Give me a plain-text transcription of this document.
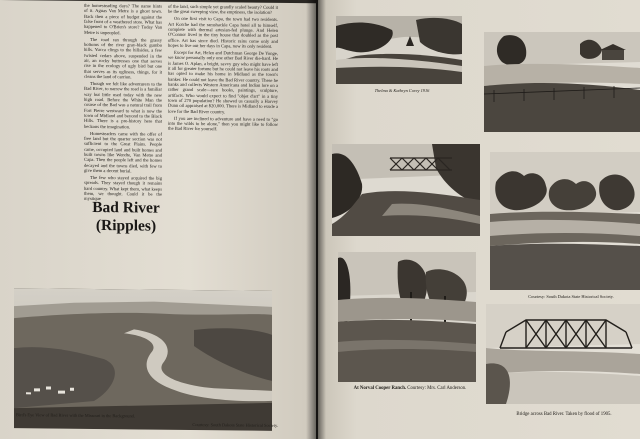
the homesteading days? The name hints of it. Aguas Van Metre is a ghost town. Back then a piece of budget against the false front of a weathered store. What has happened to O'Brien's store? Today Van Metre is unpeopled.

The road ran through the grassy bottoms of the river gray-black gumbo hills. Yucca clings to the hillsides, a few twisted cedars above, suspended in the air, an rocky buttresses one that serves rise in the ecology of ugly bird but one that serves as its ugliness, things, for it cleans the land of carrion.

Though we felt like adventurers to the Bad River, to narrow the road is a familiar way but little used today with the new high road. Before the White Man the course of the Bad was a natural trail from Fort Pierre westward to what is now the town of Midland and beyond to the Black Hills. There is a pre-history here that beckons the imagination.

Homesteaders came with the offer of free land but the quarter section was not sufficient to the Great Plains. People came, occupied land and built homes and built towns like Wendte, Van Metre and Capa. Then the people left and the homes decayed and the towns died, with few to give them a decent burial.

The few who stayed acquired the big spreads. They stayed though it remains hard country. What kept them, what keeps them, we thought. Could it be the mystique

of the land, such simple yet grandly scaled beauty? Could it be the great sweeping view, the emptiness, the isolation?

On one first visit to Capa, the town had two residents. Art Kotche had the ramshackle Capa hotel all to himself, complete with thermal artesian-fed plunge. And Helen O'Connor lived in the tiny house that doubled as the post office. Art has since died. Historic rains come only and hopes to live out her days in Capa, now its only resident.

Except for Art, Helen and Dutchman George De Yonge, we know personally only one other Bad River die-hard. He is James O. Aplan, a bright, savvy guy who might have left it all for greater fortune but he could not leave his roots and has opted to make his home in Midland as the town's banker. He could not leave the Bad River country. These he banks and collects Western Americana and Indian lore on a rather grand scale—rare books, paintings, sculpture, artifacts. Who would expect to find "objet d'art" in a tiny town of 270 population? He showed us casually a Harvey Dunn oil appraised at $20,000. There is Midland to exude a love for the Bad River country.

If you are inclined to adventure and have a need to "go into the wilds to be alone," then you might like to follow the Bad River for yourself.

Bad River
(Ripples)
Bird's Eye View of Bad River with the Missouri in the Background.
Courtesy: South Dakota State Historical Society.
Thelma & Kathryn Corey 1916
Courtesy: South Dakota State Historical Society.
At Norval Cooper Ranch. Courtesy: Mrs. Carl Anderson.
Bridge across Bad River. Taken by flood of 1905.
